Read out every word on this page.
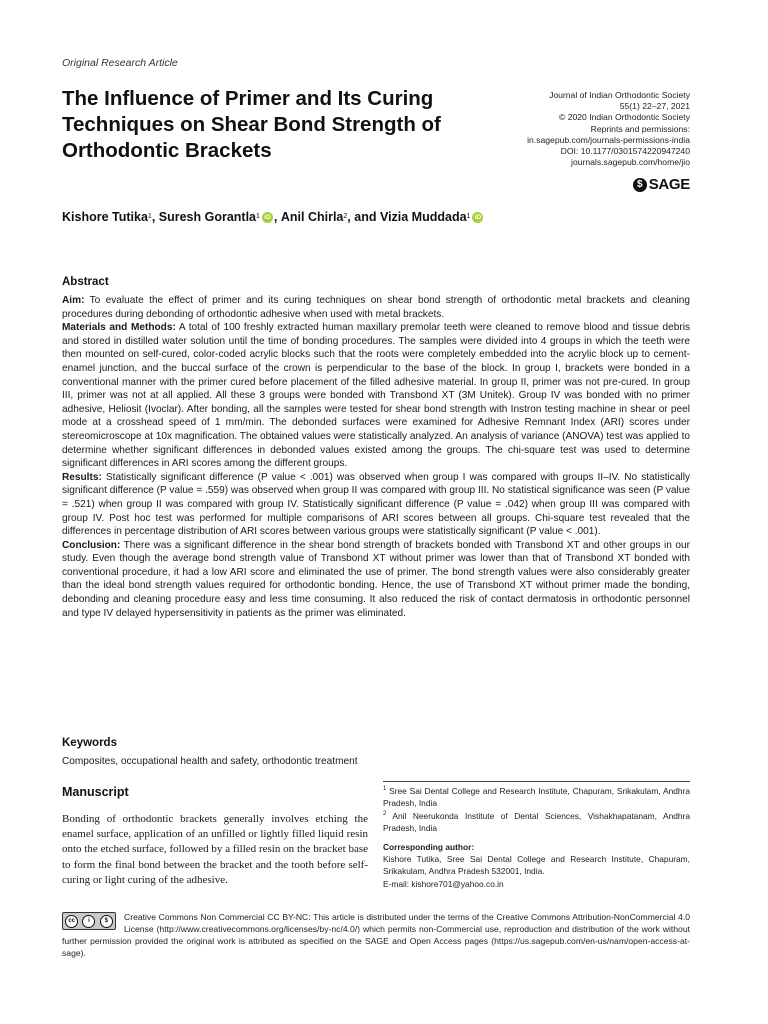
Original Research Article
The Influence of Primer and Its Curing Techniques on Shear Bond Strength of Orthodontic Brackets
Journal of Indian Orthodontic Society
55(1) 22–27, 2021
© 2020 Indian Orthodontic Society
Reprints and permissions:
in.sagepub.com/journals-permissions-india
DOI: 10.1177/0301574220947240
journals.sagepub.com/home/jio
$ SAGE
Kishore Tutika 1 , Suresh Gorantla 1 iD , Anil Chirla 2 , and Vizia Muddada 1 iD
Abstract

Aim: To evaluate the effect of primer and its curing techniques on shear bond strength of orthodontic metal brackets and cleaning procedures during debonding of orthodontic adhesive when used with metal brackets.

Materials and Methods: A total of 100 freshly extracted human maxillary premolar teeth were cleaned to remove blood and tissue debris and stored in distilled water solution until the time of bonding procedures. The samples were divided into 4 groups in which the teeth were then mounted on self-cured, color-coded acrylic blocks such that the roots were completely embedded into the acrylic block up to cement-enamel junction, and the buccal surface of the crown is perpendicular to the base of the block. In group I, brackets were bonded in a conventional manner with the primer cured before placement of the filled adhesive material. In group II, primer was not pre-cured. In group III, primer was not at all applied. All these 3 groups were bonded with Transbond XT (3M Unitek). Group IV was bonded with no primer adhesive, Heliosit (Ivoclar). After bonding, all the samples were tested for shear bond strength with Instron testing machine in shear or peel mode at a crosshead speed of 1 mm/min. The debonded surfaces were examined for Adhesive Remnant Index (ARI) scores under stereomicroscope at 10x magnification. The obtained values were statistically analyzed. An analysis of variance (ANOVA) test was applied to determine whether significant differences in debonded values existed among the groups. The chi-square test was used to determine significant differences in ARI scores among the different groups.

Results: Statistically significant difference (P value < .001) was observed when group I was compared with groups II–IV. No statistically significant difference (P value = .559) was observed when group II was compared with group III. No statistical significance was seen (P value = .521) when group II was compared with group IV. Statistically significant difference (P value = .042) when group III was compared with group IV. Post hoc test was performed for multiple comparisons of ARI scores between all groups. Chi-square test revealed that the differences in percentage distribution of ARI scores between various groups were statistically significant (P value < .001).

Conclusion: There was a significant difference in the shear bond strength of brackets bonded with Transbond XT and other groups in our study. Even though the average bond strength value of Transbond XT without primer was lower than that of Transbond XT bonded with conventional procedure, it had a low ARI score and eliminated the use of primer. The bond strength values were also considerably greater than the ideal bond strength values required for orthodontic bonding. Hence, the use of Transbond XT without primer made the bonding, debonding and cleaning procedure easy and less time consuming. It also reduced the risk of contact dermatosis in orthodontic personnel and type IV delayed hypersensitivity in patients as the primer was eliminated.

Keywords
Composites, occupational health and safety, orthodontic treatment
Manuscript
Bonding of orthodontic brackets generally involves etching the enamel surface, application of an unfilled or lightly filled liquid resin onto the etched surface, followed by a filled resin on the bracket base to form the final bond between the bracket and the tooth before self-curing or light curing of the adhesive.

$^1$ Sree Sai Dental College and Research Institute, Chapuram, Srikakulam, Andhra Pradesh, India

$^2$ Anil Neerukonda Institute of Dental Sciences, Vishakhapatanam, Andhra Pradesh, India

Corresponding author:

Kishore Tutika, Sree Sai Dental College and Research Institute, Chapuram, Srikakulam, Andhra Pradesh 532001, India.

E-mail: kishore701@yahoo.co.in

cc	i	$	Creative Commons Non Commercial CC BY-NC: This article is distributed under the terms of the Creative Commons Attribution-NonCommercial 4.0 License (http://www.creativecommons.org/licenses/by-nc/4.0/) which permits non-Commercial use, reproduction and distribution of the work without further permission provided the original work is attributed as specified on the SAGE and Open Access pages (https://us.sagepub.com/en-us/nam/open-access-at-sage).
